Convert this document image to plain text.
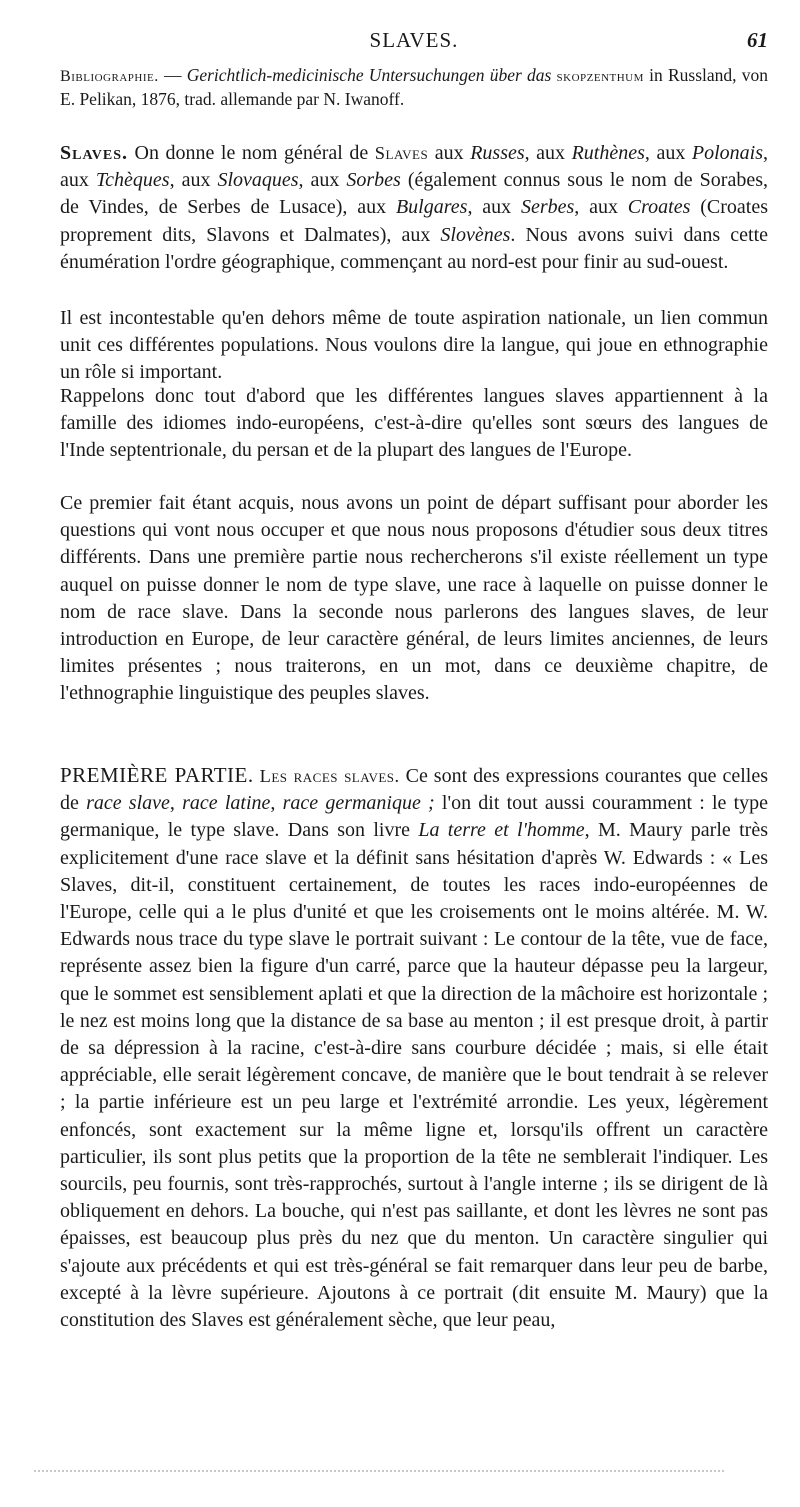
SLAVES.	61
Bibliographie. — Gerichtlich-medicinische Untersuchungen über das skopzenthum in Russland, von E. Pelikan, 1876, trad. allemande par N. Iwanoff.

Slaves. On donne le nom général de Slaves aux Russes, aux Ruthènes, aux Polonais, aux Tchèques, aux Slovaques, aux Sorbes (également connus sous le nom de Sorabes, de Vindes, de Serbes de Lusace), aux Bulgares, aux Serbes, aux Croates (Croates proprement dits, Slavons et Dalmates), aux Slovènes. Nous avons suivi dans cette énumération l'ordre géographique, commençant au nord-est pour finir au sud-ouest.

Il est incontestable qu'en dehors même de toute aspiration nationale, un lien commun unit ces différentes populations. Nous voulons dire la langue, qui joue en ethnographie un rôle si important.

Rappelons donc tout d'abord que les différentes langues slaves appartiennent à la famille des idiomes indo-européens, c'est-à-dire qu'elles sont sœurs des langues de l'Inde septentrionale, du persan et de la plupart des langues de l'Europe.

Ce premier fait étant acquis, nous avons un point de départ suffisant pour aborder les questions qui vont nous occuper et que nous nous proposons d'étudier sous deux titres différents. Dans une première partie nous rechercherons s'il existe réellement un type auquel on puisse donner le nom de type slave, une race à laquelle on puisse donner le nom de race slave. Dans la seconde nous parlerons des langues slaves, de leur introduction en Europe, de leur caractère général, de leurs limites anciennes, de leurs limites présentes ; nous traiterons, en un mot, dans ce deuxième chapitre, de l'ethnographie linguistique des peuples slaves.

PREMIÈRE PARTIE. Les races slaves. Ce sont des expressions courantes que celles de race slave, race latine, race germanique ; l'on dit tout aussi couramment : le type germanique, le type slave. Dans son livre La terre et l'homme, M. Maury parle très explicitement d'une race slave et la définit sans hésitation d'après W. Edwards : « Les Slaves, dit-il, constituent certainement, de toutes les races indo-européennes de l'Europe, celle qui a le plus d'unité et que les croisements ont le moins altérée. M. W. Edwards nous trace du type slave le portrait suivant : Le contour de la tête, vue de face, représente assez bien la figure d'un carré, parce que la hauteur dépasse peu la largeur, que le sommet est sensiblement aplati et que la direction de la mâchoire est horizontale ; le nez est moins long que la distance de sa base au menton ; il est presque droit, à partir de sa dépression à la racine, c'est-à-dire sans courbure décidée ; mais, si elle était appréciable, elle serait légèrement concave, de manière que le bout tendrait à se relever ; la partie inférieure est un peu large et l'extrémité arrondie. Les yeux, légèrement enfoncés, sont exactement sur la même ligne et, lorsqu'ils offrent un caractère particulier, ils sont plus petits que la proportion de la tête ne semblerait l'indiquer. Les sourcils, peu fournis, sont très-rapprochés, surtout à l'angle interne ; ils se dirigent de là obliquement en dehors. La bouche, qui n'est pas saillante, et dont les lèvres ne sont pas épaisses, est beaucoup plus près du nez que du menton. Un caractère singulier qui s'ajoute aux précédents et qui est très-général se fait remarquer dans leur peu de barbe, excepté à la lèvre supérieure. Ajoutons à ce portrait (dit ensuite M. Maury) que la constitution des Slaves est généralement sèche, que leur peau,
